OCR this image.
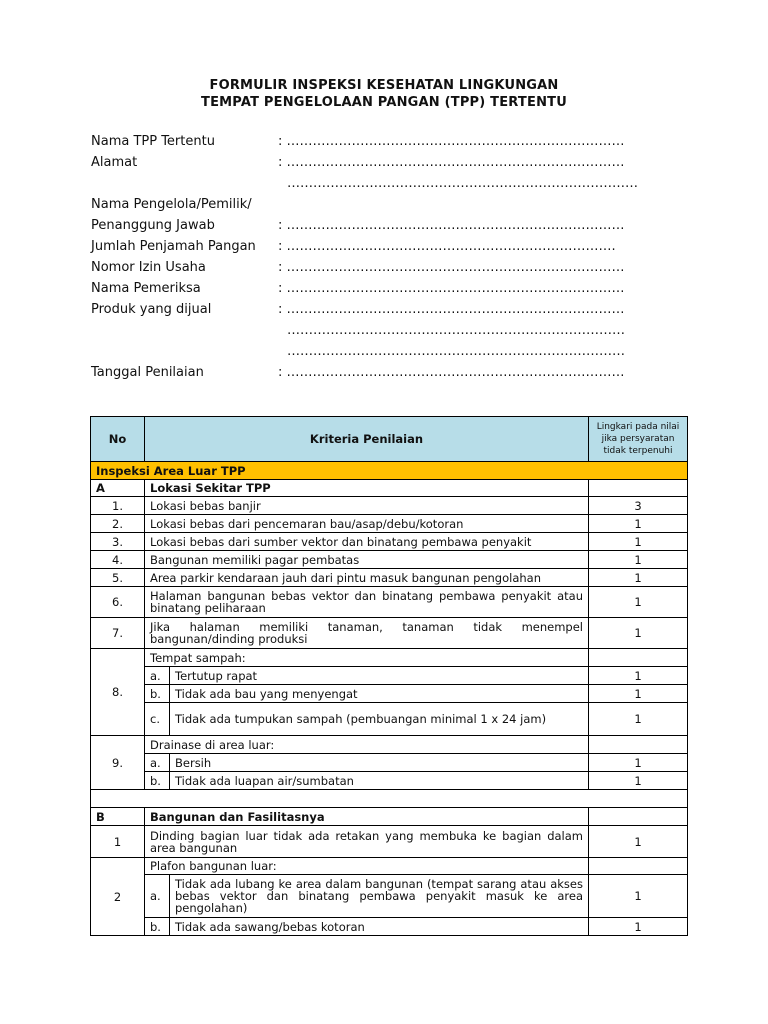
FORMULIR INSPEKSI KESEHATAN LINGKUNGAN
TEMPAT PENGELOLAAN PANGAN (TPP) TERTENTU
Nama TPP Tertentu	: ……………………………………………………………………
Alamat	: ……………………………………………………………………
………………………………………………………………………
Nama Pengelola/Pemilik/
Penanggung Jawab	: ……………………………………………………………………
Jumlah Penjamah Pangan : ………………………………………………………………….
Nomor Izin Usaha	: ……………………………………………………………………
Nama Pemeriksa	: ……………………………………………………………………
Produk yang dijual	: ……………………………………………………………………
……………………………………………………………………
……………………………………………………………………
Tanggal Penilaian	: ……………………………………………………………………
No	Kriteria Penilaian		Lingkari pada nilai jika persyaratan tidak terpenuhi
Inspeksi Area Luar TPP			
A	Lokasi Sekitar TPP		
1.	Lokasi bebas banjir		3
2.	Lokasi bebas dari pencemaran bau/asap/debu/kotoran		1
3.	Lokasi bebas dari sumber vektor dan binatang pembawa penyakit		1
4.	Bangunan memiliki pagar pembatas		1
5.	Area parkir kendaraan jauh dari pintu masuk bangunan pengolahan		1
6.	Halaman bangunan bebas vektor dan binatang pembawa penyakit atau binatang peliharaan		1
7.	Jika halaman memiliki tanaman, tanaman tidak menempel bangunan/dinding produksi		1
8.	Tempat sampah:		
	a.	Tertutup rapat	1
	b.	Tidak ada bau yang menyengat	1
	c.	Tidak ada tumpukan sampah (pembuangan minimal 1 x 24 jam)	1
9.	Drainase di area luar:		
	a.	Bersih	1
	b.	Tidak ada luapan air/sumbatan	1

B	Bangunan dan Fasilitasnya		
1	Dinding bagian luar tidak ada retakan yang membuka ke bagian dalam area bangunan		1
2	Plafon bangunan luar:		
	a.	Tidak ada lubang ke area dalam bangunan (tempat sarang atau akses bebas vektor dan binatang pembawa penyakit masuk ke area pengolahan)	1
	b.	Tidak ada sawang/bebas kotoran	1
